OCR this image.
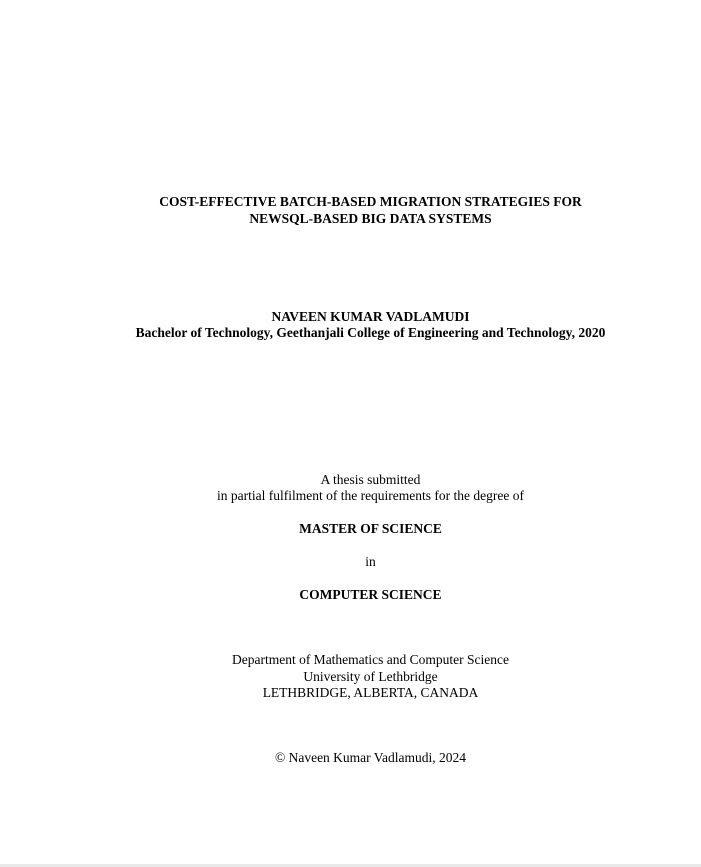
COST-EFFECTIVE BATCH-BASED MIGRATION STRATEGIES FOR
NEWSQL-BASED BIG DATA SYSTEMS
NAVEEN KUMAR VADLAMUDI
Bachelor of Technology, Geethanjali College of Engineering and Technology, 2020
A thesis submitted
in partial fulfilment of the requirements for the degree of
MASTER OF SCIENCE
in
COMPUTER SCIENCE
Department of Mathematics and Computer Science
University of Lethbridge
LETHBRIDGE, ALBERTA, CANADA
© Naveen Kumar Vadlamudi, 2024
